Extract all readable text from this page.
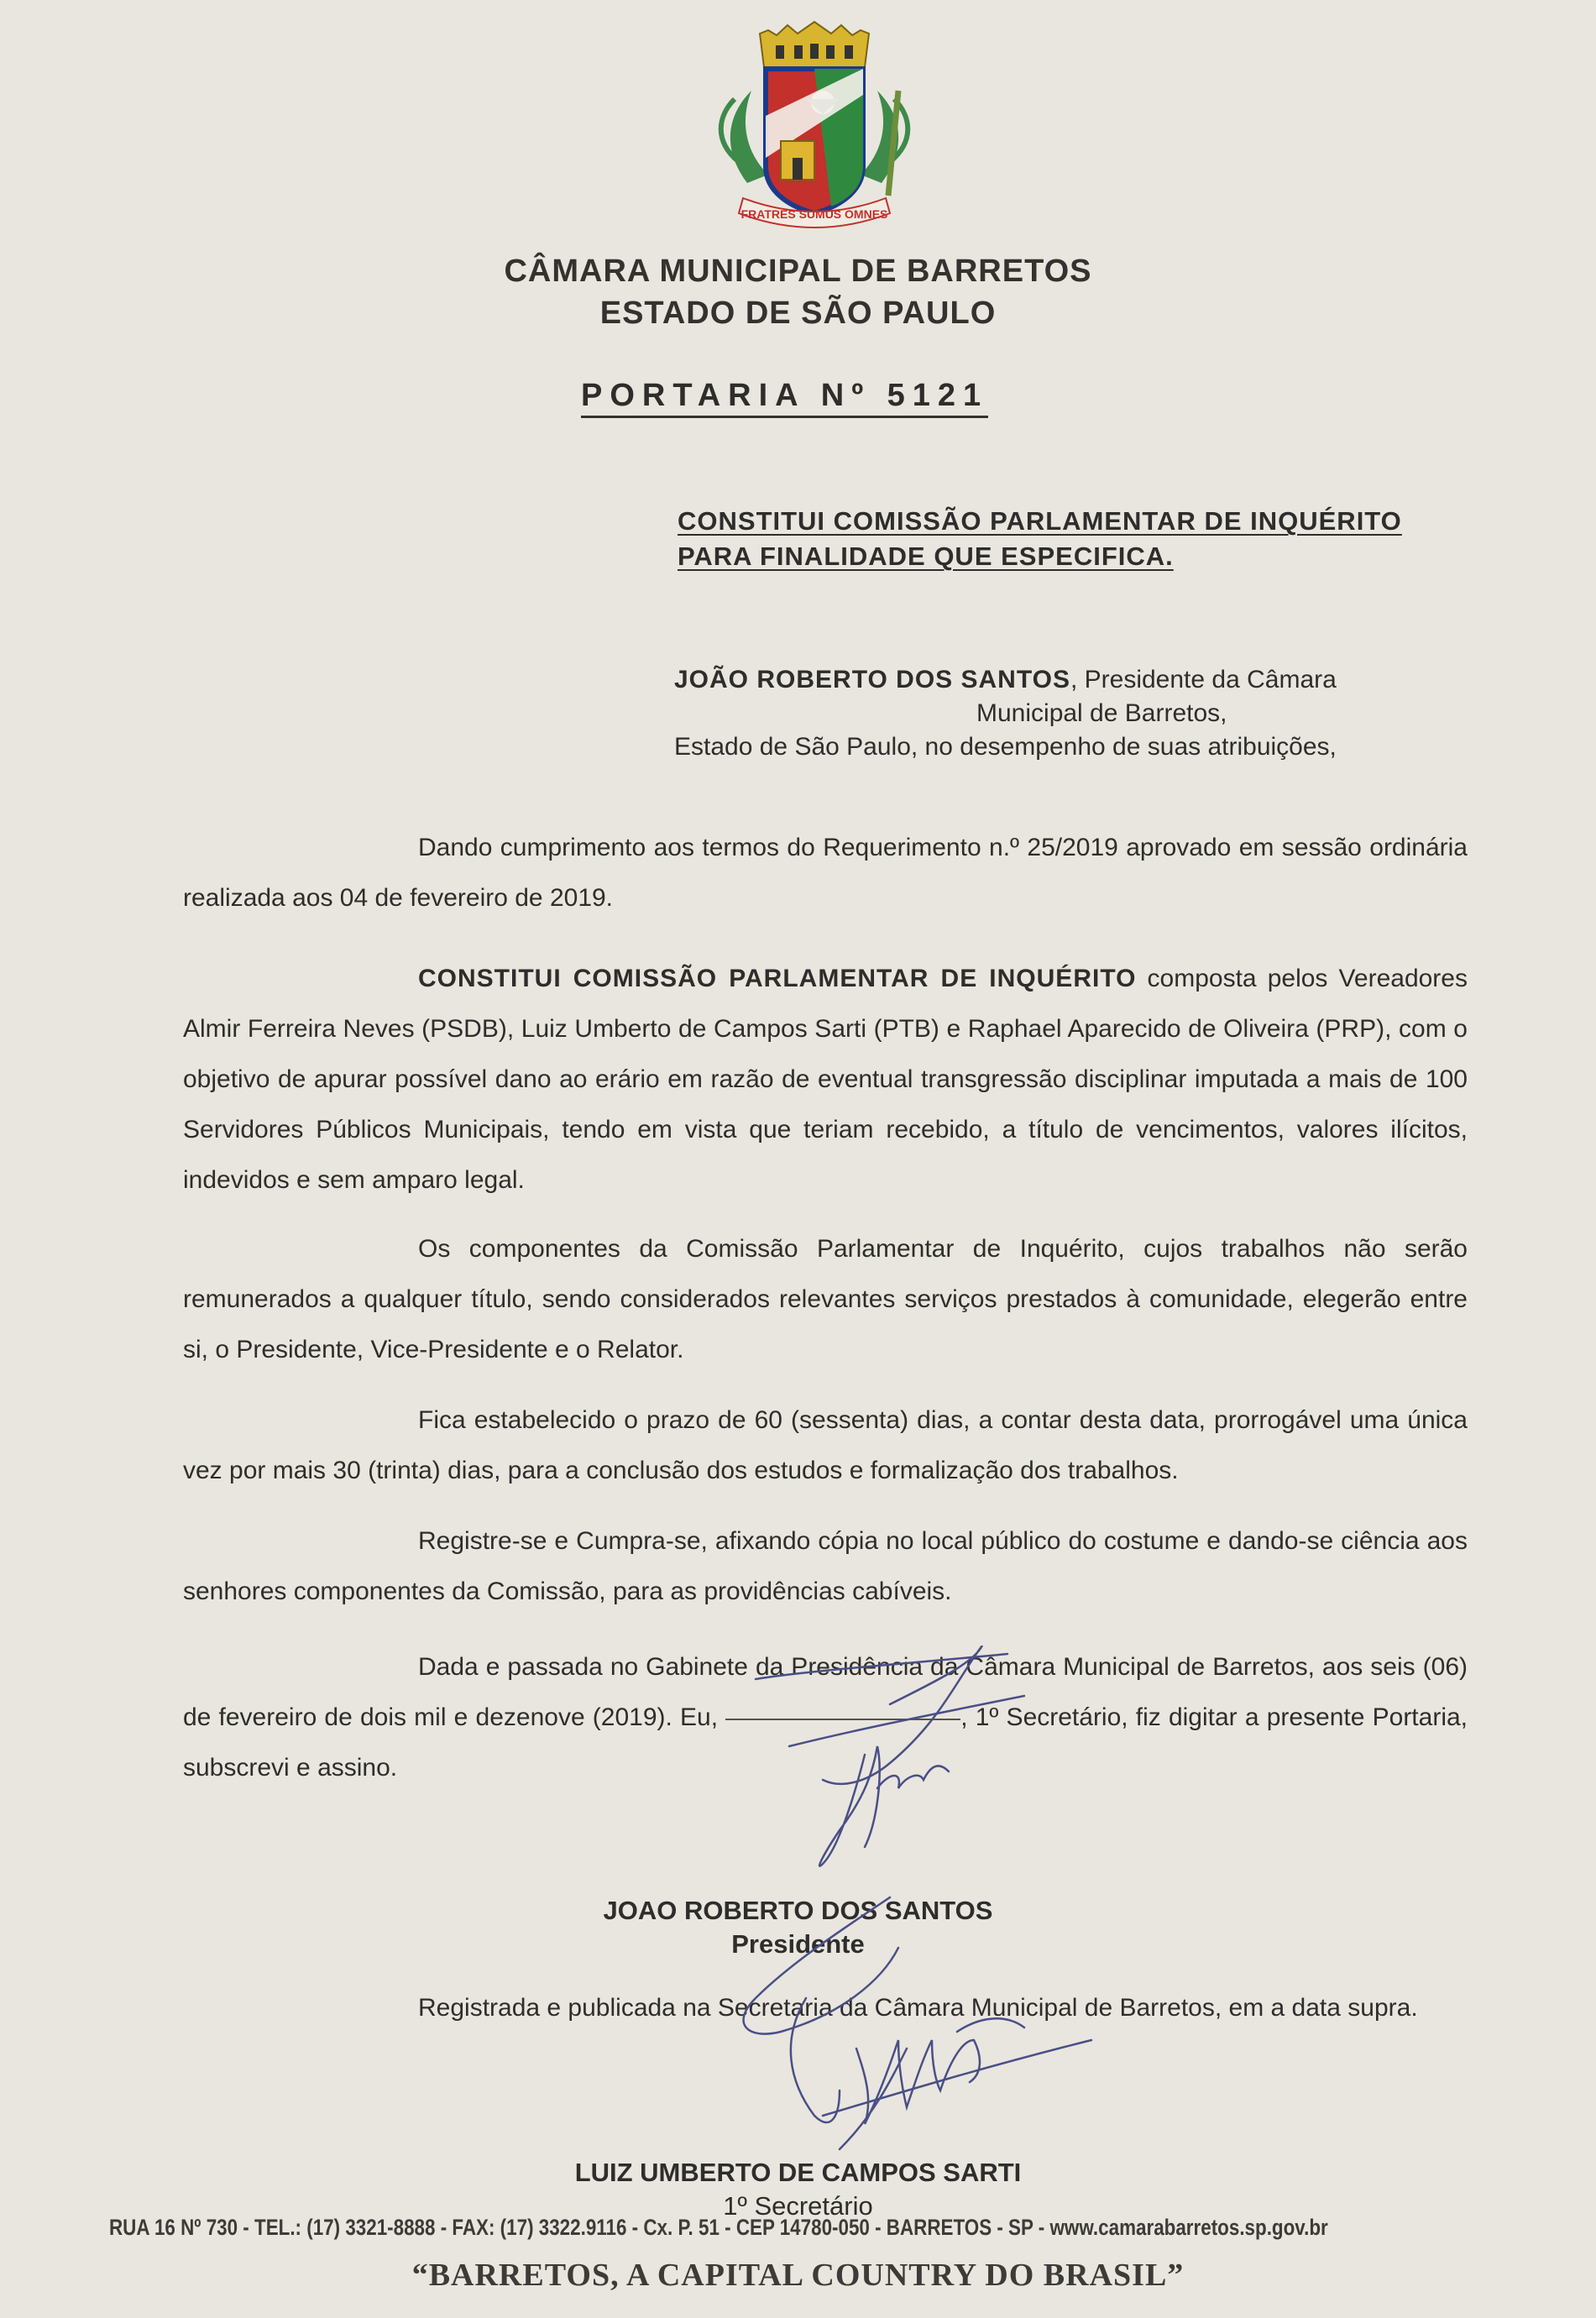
FRATRES SUMUS OMNES
CÂMARA MUNICIPAL DE BARRETOS
ESTADO DE SÃO PAULO
PORTARIA Nº 5121
CONSTITUI COMISSÃO PARLAMENTAR DE INQUÉRITO
PARA FINALIDADE QUE ESPECIFICA.
JOÃO ROBERTO DOS SANTOS, Presidente da Câmara
Municipal de Barretos,
Estado de São Paulo, no desempenho de suas atribuições,
Dando cumprimento aos termos do Requerimento n.º 25/2019 aprovado em sessão ordinária realizada aos 04 de fevereiro de 2019.
CONSTITUI COMISSÃO PARLAMENTAR DE INQUÉRITO composta pelos Vereadores Almir Ferreira Neves (PSDB), Luiz Umberto de Campos Sarti (PTB) e Raphael Aparecido de Oliveira (PRP), com o objetivo de apurar possível dano ao erário em razão de eventual transgressão disciplinar imputada a mais de 100 Servidores Públicos Municipais, tendo em vista que teriam recebido, a título de vencimentos, valores ilícitos, indevidos e sem amparo legal.
Os componentes da Comissão Parlamentar de Inquérito, cujos trabalhos não serão remunerados a qualquer título, sendo considerados relevantes serviços prestados à comunidade, elegerão entre si, o Presidente, Vice-Presidente e o Relator.
Fica estabelecido o prazo de 60 (sessenta) dias, a contar desta data, prorrogável uma única vez por mais 30 (trinta) dias, para a conclusão dos estudos e formalização dos trabalhos.
Registre-se e Cumpra-se, afixando cópia no local público do costume e dando-se ciência aos senhores componentes da Comissão, para as providências cabíveis.
Dada e passada no Gabinete da Presidência da Câmara Municipal de Barretos, aos seis (06) de fevereiro de dois mil e dezenove (2019). Eu,	, 1º Secretário, fiz digitar a presente Portaria, subscrevi e assino.
JOAO ROBERTO DOS SANTOS
Presidente
Registrada e publicada na Secretaria da Câmara Municipal de Barretos, em a data supra.
LUIZ UMBERTO DE CAMPOS SARTI
1º Secretário
RUA 16 Nº 730 - TEL.: (17) 3321-8888 - FAX: (17) 3322.9116 - Cx. P. 51 - CEP 14780-050 - BARRETOS - SP - www.camarabarretos.sp.gov.br
“BARRETOS, A CAPITAL COUNTRY DO BRASIL”
